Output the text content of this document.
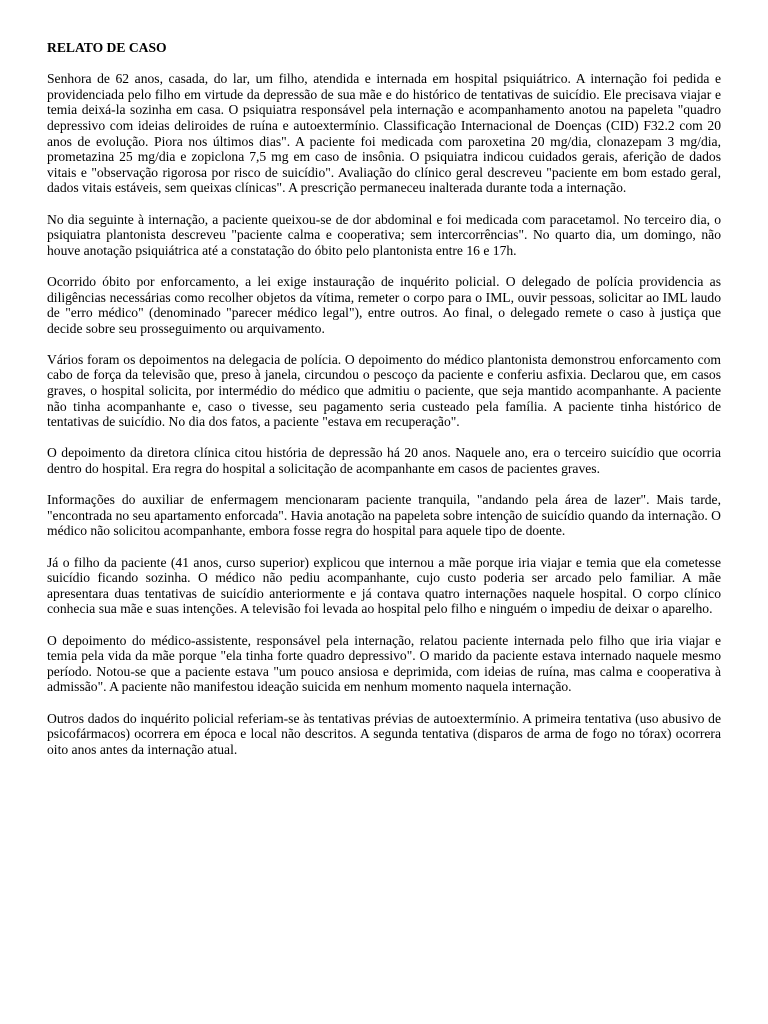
RELATO DE CASO

Senhora de 62 anos, casada, do lar, um filho, atendida e internada em hospital psiquiátrico. A internação foi pedida e providenciada pelo filho em virtude da depressão de sua mãe e do histórico de tentativas de suicídio. Ele precisava viajar e temia deixá-la sozinha em casa. O psiquiatra responsável pela internação e acompanhamento anotou na papeleta "quadro depressivo com ideias deliroides de ruína e autoextermínio. Classificação Internacional de Doenças (CID) F32.2 com 20 anos de evolução. Piora nos últimos dias". A paciente foi medicada com paroxetina 20 mg/dia, clonazepam 3 mg/dia, prometazina 25 mg/dia e zopiclona 7,5 mg em caso de insônia. O psiquiatra indicou cuidados gerais, aferição de dados vitais e "observação rigorosa por risco de suicídio". Avaliação do clínico geral descreveu "paciente em bom estado geral, dados vitais estáveis, sem queixas clínicas". A prescrição permaneceu inalterada durante toda a internação.

No dia seguinte à internação, a paciente queixou-se de dor abdominal e foi medicada com paracetamol. No terceiro dia, o psiquiatra plantonista descreveu "paciente calma e cooperativa; sem intercorrências". No quarto dia, um domingo, não houve anotação psiquiátrica até a constatação do óbito pelo plantonista entre 16 e 17h.

Ocorrido óbito por enforcamento, a lei exige instauração de inquérito policial. O delegado de polícia providencia as diligências necessárias como recolher objetos da vítima, remeter o corpo para o IML, ouvir pessoas, solicitar ao IML laudo de "erro médico" (denominado "parecer médico legal"), entre outros. Ao final, o delegado remete o caso à justiça que decide sobre seu prosseguimento ou arquivamento.

Vários foram os depoimentos na delegacia de polícia. O depoimento do médico plantonista demonstrou enforcamento com cabo de força da televisão que, preso à janela, circundou o pescoço da paciente e conferiu asfixia. Declarou que, em casos graves, o hospital solicita, por intermédio do médico que admitiu o paciente, que seja mantido acompanhante. A paciente não tinha acompanhante e, caso o tivesse, seu pagamento seria custeado pela família. A paciente tinha histórico de tentativas de suicídio. No dia dos fatos, a paciente "estava em recuperação".

O depoimento da diretora clínica citou história de depressão há 20 anos. Naquele ano, era o terceiro suicídio que ocorria dentro do hospital. Era regra do hospital a solicitação de acompanhante em casos de pacientes graves.

Informações do auxiliar de enfermagem mencionaram paciente tranquila, "andando pela área de lazer". Mais tarde, "encontrada no seu apartamento enforcada". Havia anotação na papeleta sobre intenção de suicídio quando da internação. O médico não solicitou acompanhante, embora fosse regra do hospital para aquele tipo de doente.

Já o filho da paciente (41 anos, curso superior) explicou que internou a mãe porque iria viajar e temia que ela cometesse suicídio ficando sozinha. O médico não pediu acompanhante, cujo custo poderia ser arcado pelo familiar. A mãe apresentara duas tentativas de suicídio anteriormente e já contava quatro internações naquele hospital. O corpo clínico conhecia sua mãe e suas intenções. A televisão foi levada ao hospital pelo filho e ninguém o impediu de deixar o aparelho.

O depoimento do médico-assistente, responsável pela internação, relatou paciente internada pelo filho que iria viajar e temia pela vida da mãe porque "ela tinha forte quadro depressivo". O marido da paciente estava internado naquele mesmo período. Notou-se que a paciente estava "um pouco ansiosa e deprimida, com ideias de ruína, mas calma e cooperativa à admissão". A paciente não manifestou ideação suicida em nenhum momento naquela internação.

Outros dados do inquérito policial referiam-se às tentativas prévias de autoextermínio. A primeira tentativa (uso abusivo de psicofármacos) ocorrera em época e local não descritos. A segunda tentativa (disparos de arma de fogo no tórax) ocorrera oito anos antes da internação atual.
